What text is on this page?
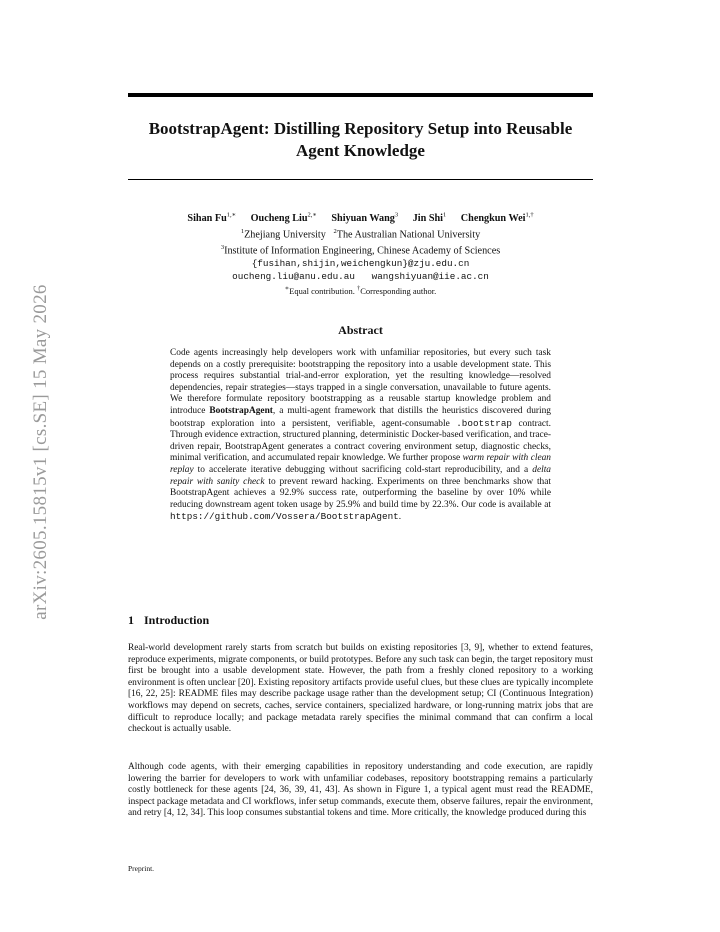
arXiv:2605.15815v1 [cs.SE] 15 May 2026
BootstrapAgent: Distilling Repository Setup into Reusable Agent Knowledge
Sihan $Fu^{1,∗}$ Oucheng Liu$^{2,∗}$ Shiyuan Wang$^3$ Jin Shi$^1$ Chengkun Wei$^{1,\dagger}$
$^1$Zhejiang University $^2$The Australian National University
$^3$Institute of Information Engineering, Chinese Academy of Sciences
{fusihan,shijin,weichengkun}@zju.edu.cn
oucheng.liu@anu.edu.au   wangshiyuan@iie.ac.cn
∗Equal contribution. †Corresponding author.
Abstract
Code agents increasingly help developers work with unfamiliar repositories, but every such task depends on a costly prerequisite: bootstrapping the repository into a usable development state. This process requires substantial trial-and-error exploration, yet the resulting knowledge—resolved dependencies, repair strategies—stays trapped in a single conversation, unavailable to future agents. We therefore formulate repository bootstrapping as a reusable startup knowledge problem and introduce BootstrapAgent, a multi-agent framework that distills the heuristics discovered during bootstrap exploration into a persistent, verifiable, agent-consumable .bootstrap contract. Through evidence extraction, structured planning, deterministic Docker-based verification, and trace-driven repair, BootstrapAgent generates a contract covering environment setup, diagnostic checks, minimal verification, and accumulated repair knowledge. We further propose warm repair with clean replay to accelerate iterative debugging without sacrificing cold-start reproducibility, and a delta repair with sanity check to prevent reward hacking. Experiments on three benchmarks show that BootstrapAgent achieves a 92.9% success rate, outperforming the baseline by over 10% while reducing downstream agent token usage by 25.9% and build time by 22.3%. Our code is available at https://github.com/Vossera/BootstrapAgent.
1 Introduction

Real-world development rarely starts from scratch but builds on existing repositories [3, 9], whether to extend features, reproduce experiments, migrate components, or build prototypes. Before any such task can begin, the target repository must first be brought into a usable development state. However, the path from a freshly cloned repository to a working environment is often unclear [20]. Existing repository artifacts provide useful clues, but these clues are typically incomplete [16, 22, 25]: README files may describe package usage rather than the development setup; CI (Continuous Integration) workflows may depend on secrets, caches, service containers, specialized hardware, or long-running matrix jobs that are difficult to reproduce locally; and package metadata rarely specifies the minimal command that can confirm a local checkout is actually usable.

Although code agents, with their emerging capabilities in repository understanding and code execution, are rapidly lowering the barrier for developers to work with unfamiliar codebases, repository bootstrapping remains a particularly costly bottleneck for these agents [24, 36, 39, 41, 43]. As shown in Figure 1, a typical agent must read the README, inspect package metadata and CI workflows, infer setup commands, execute them, observe failures, repair the environment, and retry [4, 12, 34]. This loop consumes substantial tokens and time. More critically, the knowledge produced during this

Preprint.
